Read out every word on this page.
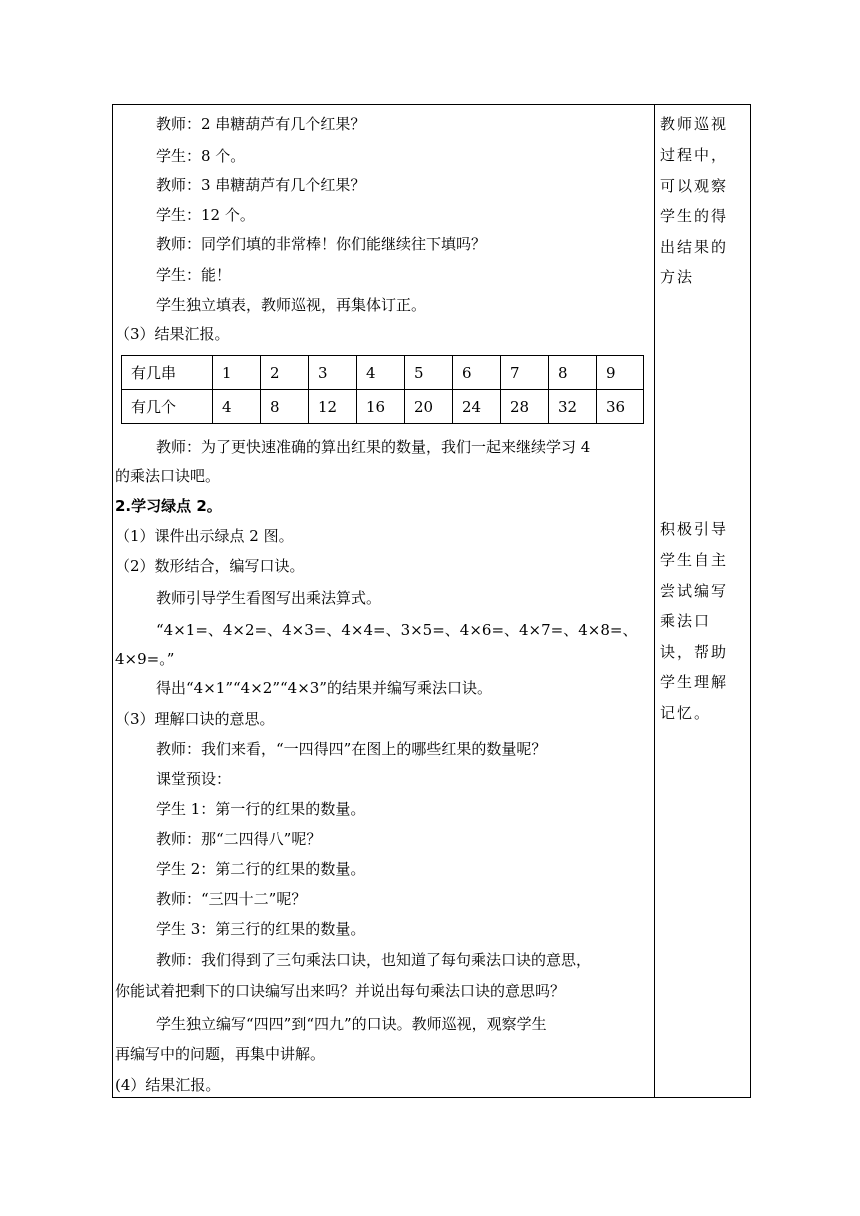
教师：2 串糖葫芦有几个红果？
学生：8 个。
教师：3 串糖葫芦有几个红果？
学生：12 个。
教师：同学们填的非常棒！你们能继续往下填吗？
学生：能！
学生独立填表，教师巡视，再集体订正。
（3）结果汇报。
有几串	1	2	3	4	5	6	7	8	9
有几个	4	8	12	16	20	24	28	32	36
教师：为了更快速准确的算出红果的数量，我们一起来继续学习 4
的乘法口诀吧。
2.学习绿点 2。
（1）课件出示绿点 2 图。
（2）数形结合，编写口诀。
教师引导学生看图写出乘法算式。
“4×1=、4×2=、4×3=、4×4=、3×5=、4×6=、4×7=、4×8=、
4×9=。”
得出“4×1”“4×2”“4×3”的结果并编写乘法口诀。
（3）理解口诀的意思。
教师：我们来看，“一四得四”在图上的哪些红果的数量呢？
课堂预设：
学生 1：第一行的红果的数量。
教师：那“二四得八”呢？
学生 2：第二行的红果的数量。
教师：“三四十二”呢？
学生 3：第三行的红果的数量。
教师：我们得到了三句乘法口诀，也知道了每句乘法口诀的意思，
你能试着把剩下的口诀编写出来吗？并说出每句乘法口诀的意思吗？
学生独立编写“四四”到“四九”的口诀。教师巡视，观察学生
再编写中的问题，再集中讲解。
(4）结果汇报。
教师巡视
过程中，
可以观察
学生的得
出结果的
方法
积极引导
学生自主
尝试编写
乘法口
诀，帮助
学生理解
记忆。
